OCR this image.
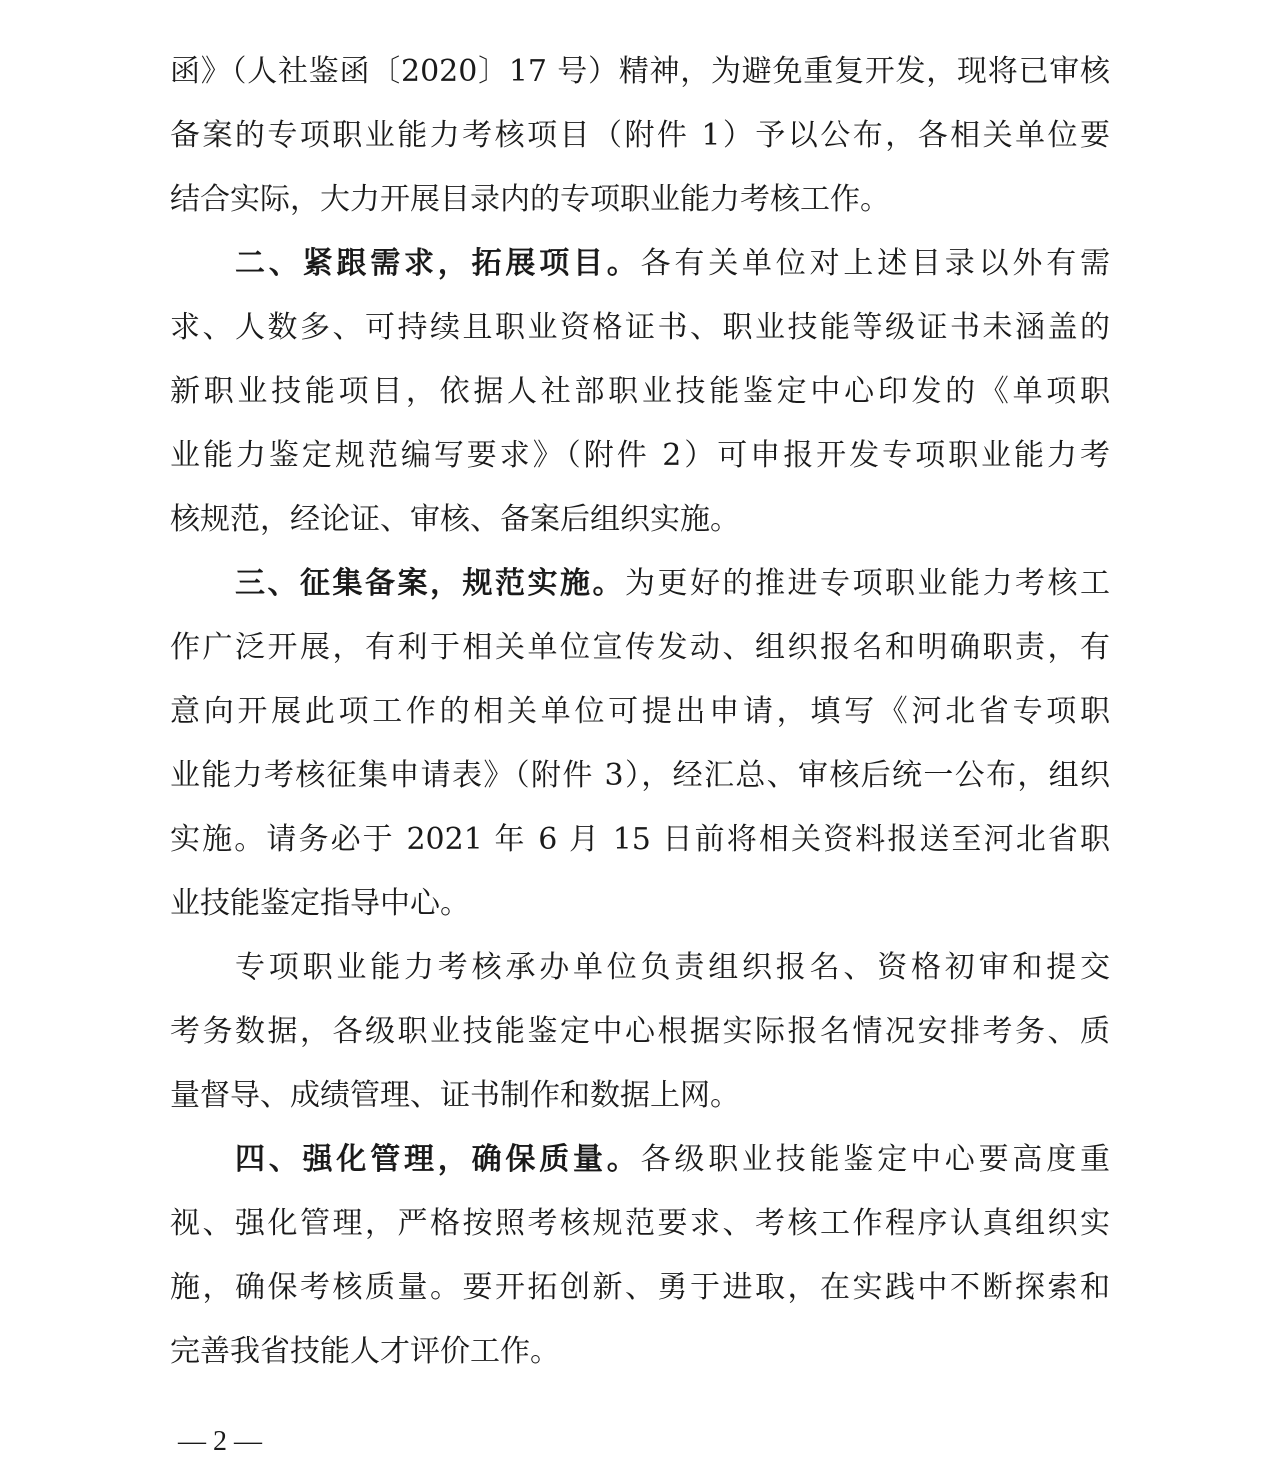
函》（人社鉴函〔2020〕17 号）精神，为避免重复开发，现将已审核
备案的专项职业能力考核项目（附件 1）予以公布，各相关单位要
结合实际，大力开展目录内的专项职业能力考核工作。
二、紧跟需求，拓展项目。各有关单位对上述目录以外有需
求、人数多、可持续且职业资格证书、职业技能等级证书未涵盖的
新职业技能项目，依据人社部职业技能鉴定中心印发的《单项职
业能力鉴定规范编写要求》（附件 2）可申报开发专项职业能力考
核规范，经论证、审核、备案后组织实施。
三、征集备案，规范实施。为更好的推进专项职业能力考核工
作广泛开展，有利于相关单位宣传发动、组织报名和明确职责，有
意向开展此项工作的相关单位可提出申请，填写《河北省专项职
业能力考核征集申请表》（附件 3），经汇总、审核后统一公布，组织
实施。请务必于 2021 年 6 月 15 日前将相关资料报送至河北省职
业技能鉴定指导中心。
专项职业能力考核承办单位负责组织报名、资格初审和提交
考务数据，各级职业技能鉴定中心根据实际报名情况安排考务、质
量督导、成绩管理、证书制作和数据上网。
四、强化管理，确保质量。各级职业技能鉴定中心要高度重
视、强化管理，严格按照考核规范要求、考核工作程序认真组织实
施，确保考核质量。要开拓创新、勇于进取，在实践中不断探索和
完善我省技能人才评价工作。
— 2 —
